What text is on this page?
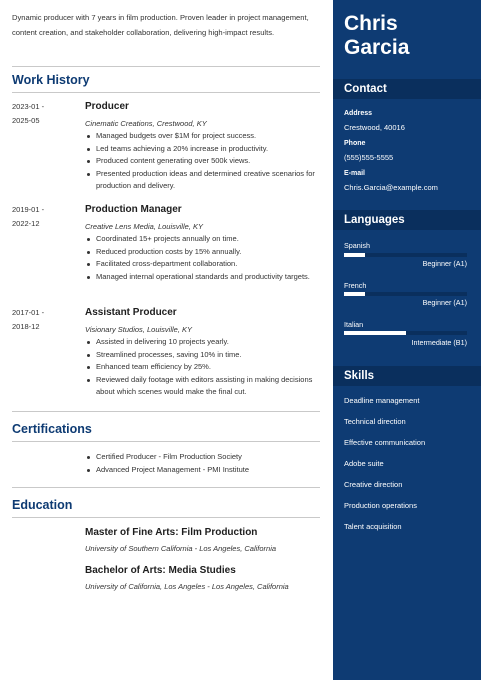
Dynamic producer with 7 years in film production. Proven leader in project management, content creation, and stakeholder collaboration, delivering high-impact results.

Work History
2023-01 -
2025-05
Producer
Cinematic Creations, Crestwood, KY
Managed budgets over $1M for project success.
Led teams achieving a 20% increase in productivity.
Produced content generating over 500k views.
Presented production ideas and determined creative scenarios for production and delivery.
2019-01 -
2022-12
Production Manager
Creative Lens Media, Louisville, KY
Coordinated 15+ projects annually on time.
Reduced production costs by 15% annually.
Facilitated cross-department collaboration.
Managed internal operational standards and productivity targets.
2017-01 -
2018-12
Assistant Producer
Visionary Studios, Louisville, KY
Assisted in delivering 10 projects yearly.
Streamlined processes, saving 10% in time.
Enhanced team efficiency by 25%.
Reviewed daily footage with editors assisting in making decisions about which scenes would make the final cut.
Certifications
Certified Producer - Film Production Society
Advanced Project Management - PMI Institute
Education
Master of Fine Arts: Film Production
University of Southern California - Los Angeles, California
Bachelor of Arts: Media Studies
University of California, Los Angeles - Los Angeles, California
Chris
Garcia
Contact
Address
Crestwood, 40016
Phone
(555)555-5555
E-mail
Chris.Garcia@example.com
Languages
Spanish
Beginner (A1)
French
Beginner (A1)
Italian
Intermediate (B1)
Skills
Deadline management
Technical direction
Effective communication
Adobe suite
Creative direction
Production operations
Talent acquisition
